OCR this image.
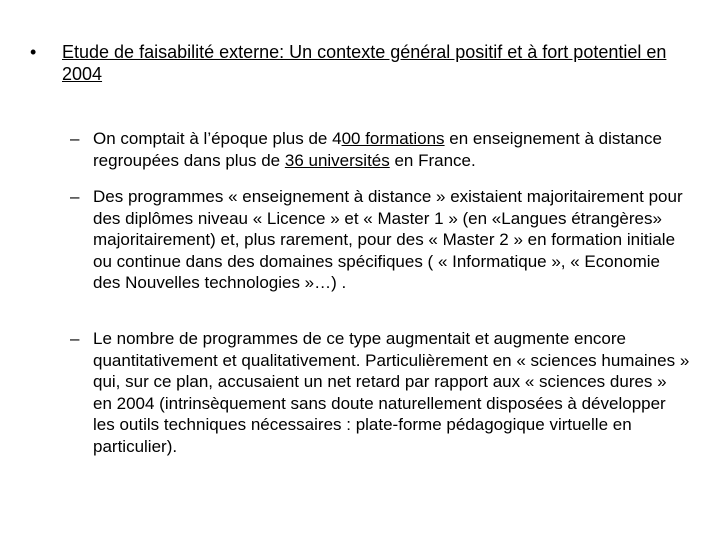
• Etude de faisabilité externe: Un contexte général positif et à fort potentiel en 2004
– On comptait à l’époque plus de 400 formations en enseignement à distance regroupées dans plus de 36 universités en France.
– Des programmes « enseignement à distance » existaient majoritairement pour des diplômes niveau « Licence » et « Master 1 » (en «Langues étrangères» majoritairement) et, plus rarement, pour des « Master 2 » en formation initiale ou continue dans des domaines spécifiques ( « Informatique », « Economie des Nouvelles technologies »…) .
– Le nombre de programmes de ce type augmentait et augmente encore quantitativement et qualitativement. Particulièrement en « sciences humaines » qui, sur ce plan, accusaient un net retard par rapport aux « sciences dures » en 2004 (intrinsèquement sans doute naturellement disposées à développer les outils techniques nécessaires : plate-forme pédagogique virtuelle en particulier).
